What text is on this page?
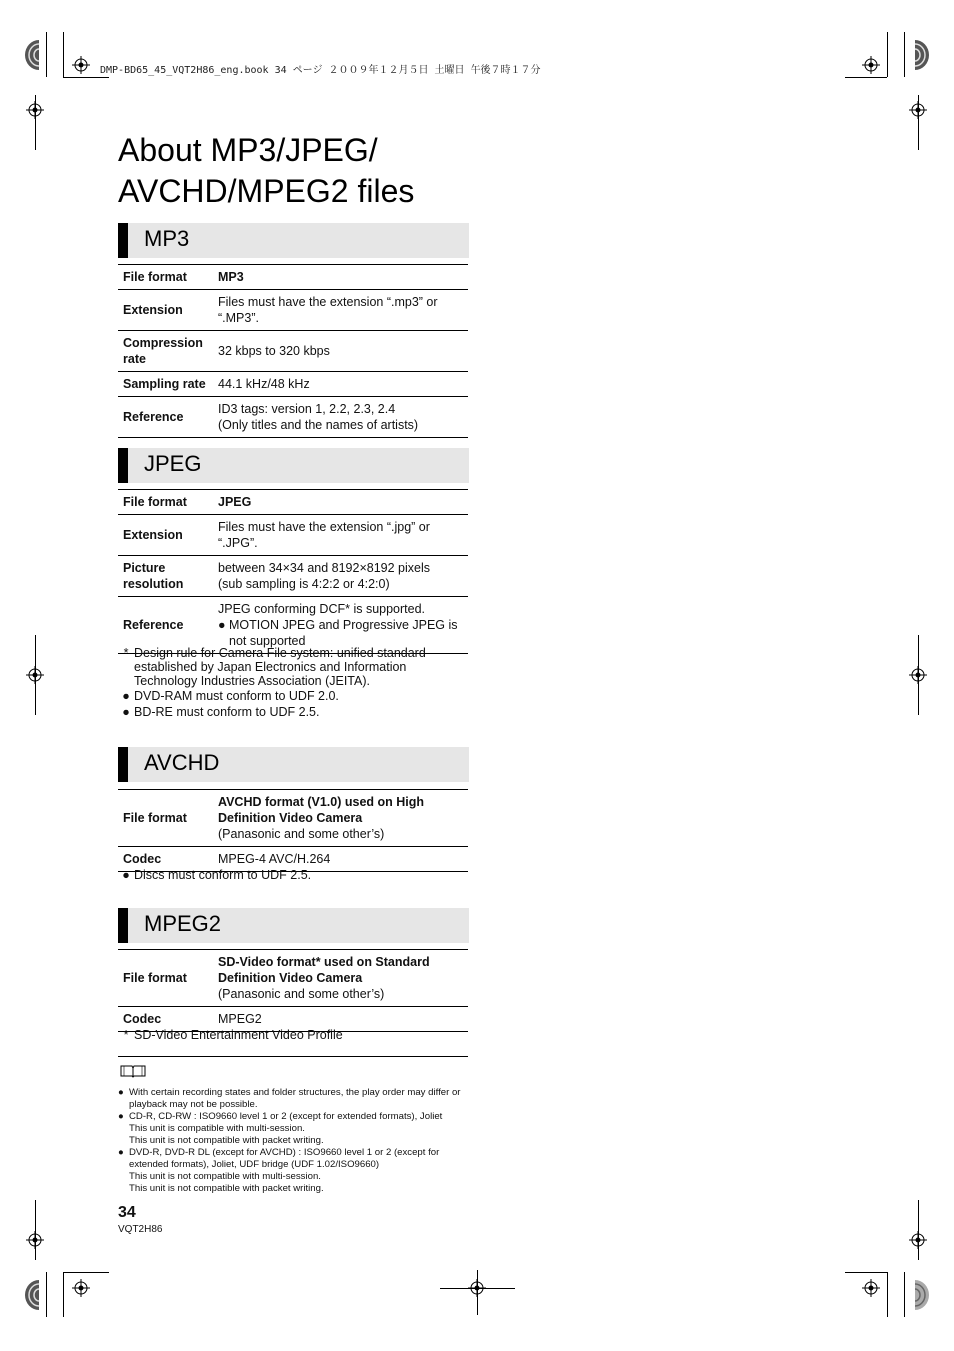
DMP-BD65_45_VQT2H86_eng.book 34 ページ ２００９年１２月５日 土曜日 午後７時１７分
About MP3/JPEG/
AVCHD/MPEG2 files
MP3
File format	MP3
Extension	Files must have the extension “.mp3” or “.MP3”.
Compression rate	32 kbps to 320 kbps
Sampling rate	44.1 kHz/48 kHz
Reference	ID3 tags: version 1, 2.2, 2.3, 2.4
(Only titles and the names of artists)
JPEG
File format	JPEG
Extension	Files must have the extension “.jpg” or “.JPG”.
Picture resolution	between 34×34 and 8192×8192 pixels
(sub sampling is 4:2:2 or 4:2:0)

Reference	JPEG conforming DCF* is supported.
● MOTION JPEG and Progressive JPEG is not supported
* Design rule for Camera File system: unified standard established by Japan Electronics and Information Technology Industries Association (JEITA).
● DVD-RAM must conform to UDF 2.0.
● BD-RE must conform to UDF 2.5.
AVCHD
File format	AVCHD format (V1.0) used on High Definition Video Camera
(Panasonic and some other’s)

Codec	MPEG-4 AVC/H.264
● Discs must conform to UDF 2.5.
MPEG2
File format	SD-Video format* used on Standard Definition Video Camera
(Panasonic and some other’s)

Codec	MPEG2
* SD-Video Entertainment Video Profile
● With certain recording states and folder structures, the play order may differ or playback may not be possible.
● CD-R, CD-RW : ISO9660 level 1 or 2 (except for extended formats), Joliet
This unit is compatible with multi-session.
This unit is not compatible with packet writing.
● DVD-R, DVD-R DL (except for AVCHD) : ISO9660 level 1 or 2 (except for extended formats), Joliet, UDF bridge (UDF 1.02/ISO9660)
This unit is not compatible with multi-session.
This unit is not compatible with packet writing.
34
VQT2H86
